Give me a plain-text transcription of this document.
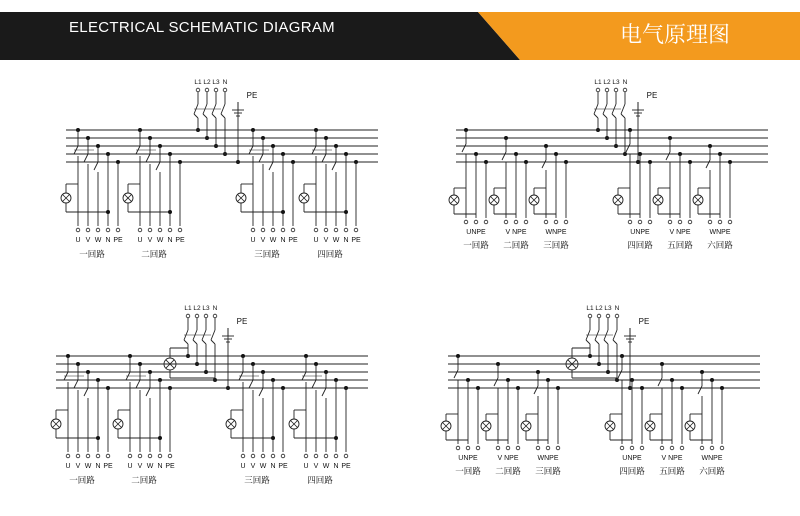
ELECTRICAL SCHEMATIC DIAGRAM	电气原理图
L1 L2 L3 N
PE
U V W N PE
一回路
U V W N PE
二回路
U V W N PE
三回路
U V W N PE
四回路
L1 L2 L3 N
PE
UNPE
一回路
V NPE
二回路
WNPE
三回路
UNPE
四回路
V NPE
五回路
WNPE
六回路
L1 L2 L3 N
PE
U V W N PE
一回路
U V W N PE
二回路
U V W N PE
三回路
U V W N PE
四回路
L1 L2 L3 N
PE
UNPE
一回路
V NPE
二回路
WNPE
三回路
UNPE
四回路
V NPE
五回路
WNPE
六回路
